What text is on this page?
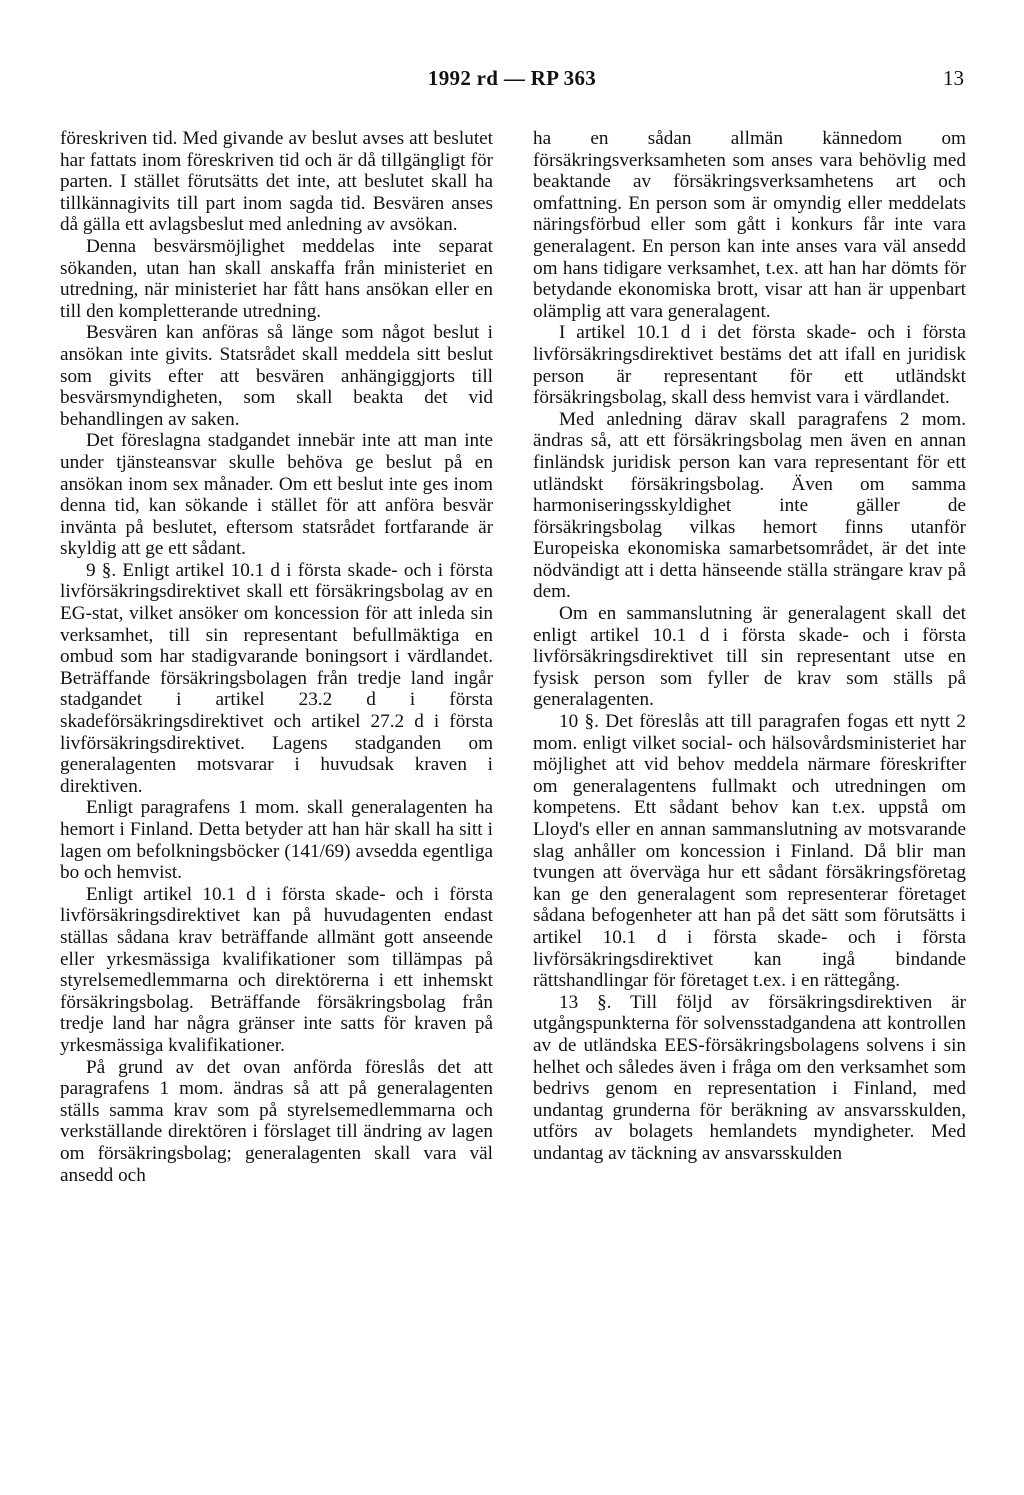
1992 rd — RP 363	13

föreskriven tid. Med givande av beslut avses att beslutet har fattats inom föreskriven tid och är då tillgängligt för parten. I stället förutsätts det inte, att beslutet skall ha tillkännagivits till part inom sagda tid. Besvären anses då gälla ett avlagsbeslut med anledning av avsökan.

Denna besvärsmöjlighet meddelas inte separat sökanden, utan han skall anskaffa från ministeriet en utredning, när ministeriet har fått hans ansökan eller en till den kompletterande utredning.

Besvären kan anföras så länge som något beslut i ansökan inte givits. Statsrådet skall meddela sitt beslut som givits efter att besvären anhängiggjorts till besvärsmyndigheten, som skall beakta det vid behandlingen av saken.

Det föreslagna stadgandet innebär inte att man inte under tjänsteansvar skulle behöva ge beslut på en ansökan inom sex månader. Om ett beslut inte ges inom denna tid, kan sökande i stället för att anföra besvär invänta på beslutet, eftersom statsrådet fortfarande är skyldig att ge ett sådant.

9 §. Enligt artikel 10.1 d i första skade- och i första livförsäkringsdirektivet skall ett försäkringsbolag av en EG-stat, vilket ansöker om koncession för att inleda sin verksamhet, till sin representant befullmäktiga en ombud som har stadigvarande boningsort i värdlandet. Beträffande försäkringsbolagen från tredje land ingår stadgandet i artikel 23.2 d i första skadeförsäkringsdirektivet och artikel 27.2 d i första livförsäkringsdirektivet. Lagens stadganden om generalagenten motsvarar i huvudsak kraven i direktiven.

Enligt paragrafens 1 mom. skall generalagenten ha hemort i Finland. Detta betyder att han här skall ha sitt i lagen om befolkningsböcker (141/69) avsedda egentliga bo och hemvist.

Enligt artikel 10.1 d i första skade- och i första livförsäkringsdirektivet kan på huvudagenten endast ställas sådana krav beträffande allmänt gott anseende eller yrkesmässiga kvalifikationer som tillämpas på styrelsemedlemmarna och direktörerna i ett inhemskt försäkringsbolag. Beträffande försäkringsbolag från tredje land har några gränser inte satts för kraven på yrkesmässiga kvalifikationer.

På grund av det ovan anförda föreslås det att paragrafens 1 mom. ändras så att på generalagenten ställs samma krav som på styrelsemedlemmarna och verkställande direktören i förslaget till ändring av lagen om försäkringsbolag; generalagenten skall vara väl ansedd och

ha en sådan allmän kännedom om försäkringsverksamheten som anses vara behövlig med beaktande av försäkringsverksamhetens art och omfattning. En person som är omyndig eller meddelats näringsförbud eller som gått i konkurs får inte vara generalagent. En person kan inte anses vara väl ansedd om hans tidigare verksamhet, t.ex. att han har dömts för betydande ekonomiska brott, visar att han är uppenbart olämplig att vara generalagent.

I artikel 10.1 d i det första skade- och i första livförsäkringsdirektivet bestäms det att ifall en juridisk person är representant för ett utländskt försäkringsbolag, skall dess hemvist vara i värdlandet.

Med anledning därav skall paragrafens 2 mom. ändras så, att ett försäkringsbolag men även en annan finländsk juridisk person kan vara representant för ett utländskt försäkringsbolag. Även om samma harmoniseringsskyldighet inte gäller de försäkringsbolag vilkas hemort finns utanför Europeiska ekonomiska samarbetsområdet, är det inte nödvändigt att i detta hänseende ställa strängare krav på dem.

Om en sammanslutning är generalagent skall det enligt artikel 10.1 d i första skade- och i första livförsäkringsdirektivet till sin representant utse en fysisk person som fyller de krav som ställs på generalagenten.

10 §. Det föreslås att till paragrafen fogas ett nytt 2 mom. enligt vilket social- och hälsovårdsministeriet har möjlighet att vid behov meddela närmare föreskrifter om generalagentens fullmakt och utredningen om kompetens. Ett sådant behov kan t.ex. uppstå om Lloyd's eller en annan sammanslutning av motsvarande slag anhåller om koncession i Finland. Då blir man tvungen att överväga hur ett sådant försäkringsföretag kan ge den generalagent som representerar företaget sådana befogenheter att han på det sätt som förutsätts i artikel 10.1 d i första skade- och i första livförsäkringsdirektivet kan ingå bindande rättshandlingar för företaget t.ex. i en rättegång.

13 §. Till följd av försäkringsdirektiven är utgångspunkterna för solvensstadgandena att kontrollen av de utländska EES-försäkringsbolagens solvens i sin helhet och således även i fråga om den verksamhet som bedrivs genom en representation i Finland, med undantag grunderna för beräkning av ansvarsskulden, utförs av bolagets hemlandets myndigheter. Med undantag av täckning av ansvarsskulden
